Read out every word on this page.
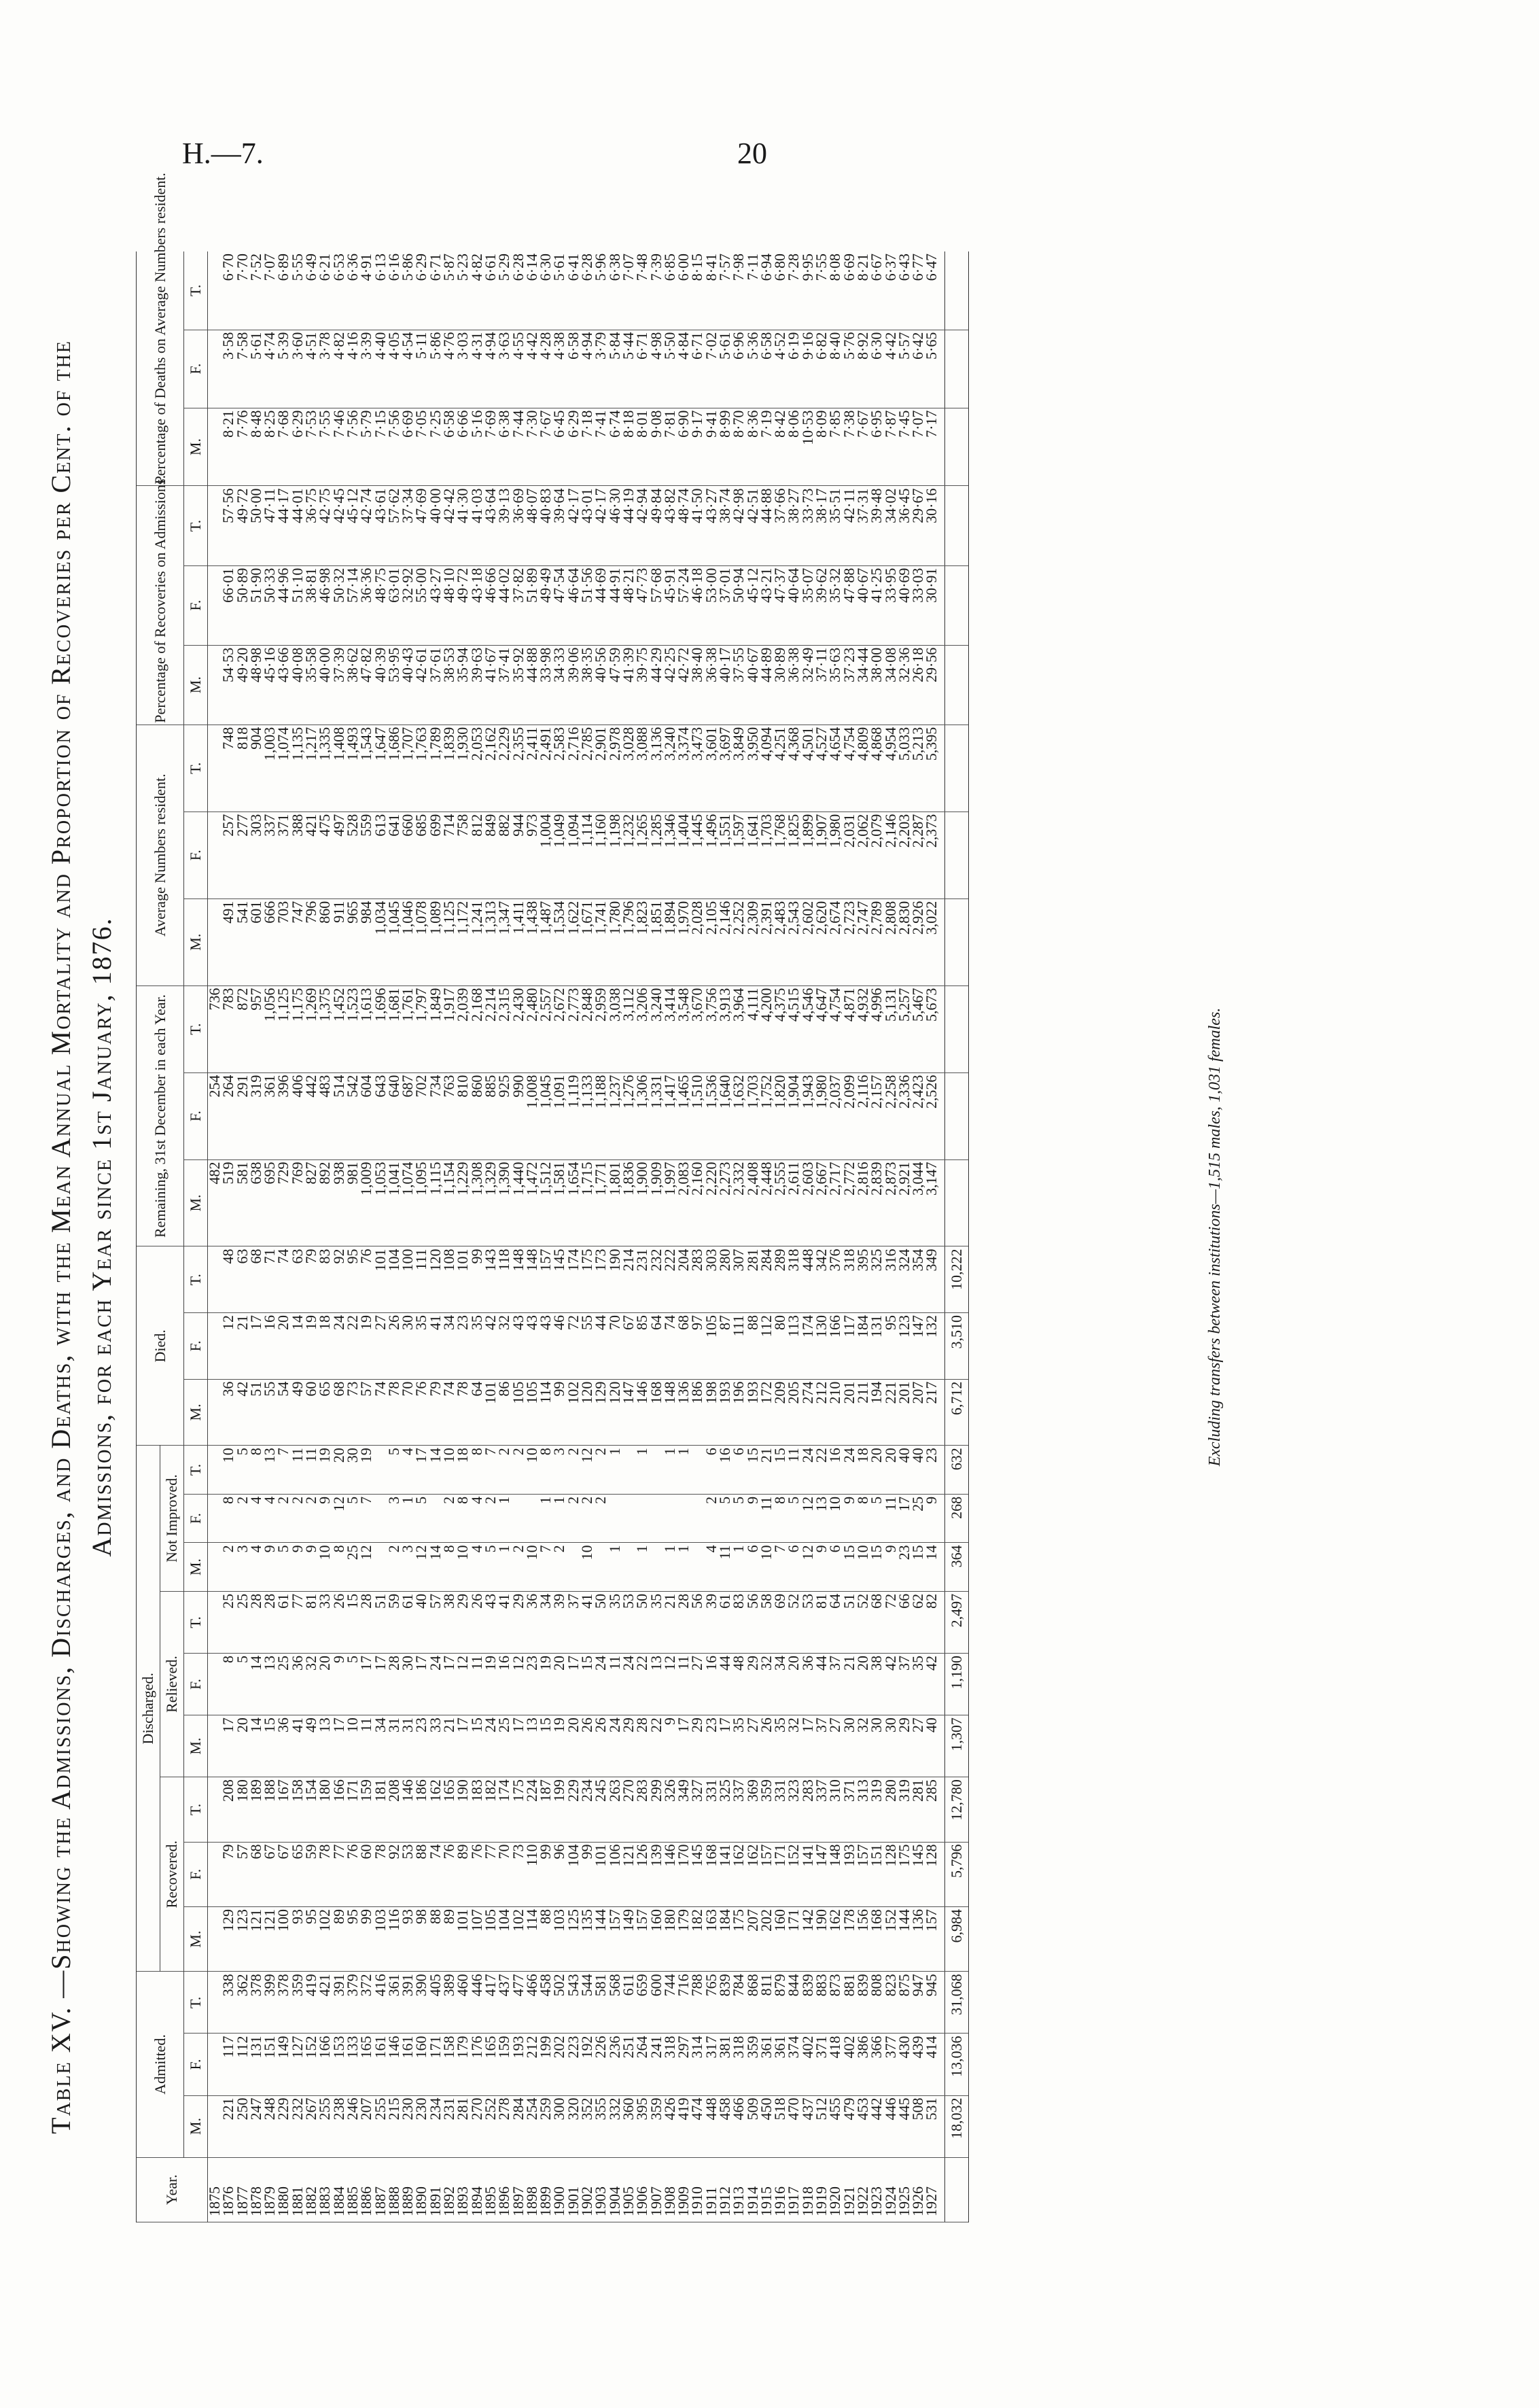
H.—7.	20
Table XV. —Showing the Admissions, Discharges, and Deaths, with the Mean Annual Mortality and Proportion of Recoveries per Cent. of the Admissions, for each Year since 1st January, 1876.
Year.	Admitted.			Discharged.									Died.			Remaining, 31st December in each Year.			Average Numbers resident.			Percentage of Recoveries on Admissions.			Percentage of Deaths on Average Numbers resident.		
				Recovered.			Relieved.			Not Improved.																	
	M.	F.	T.	M.	F.	T.	M.	F.	T.	M.	F.	T.	M.	F.	T.	M.	F.	T.	M.	F.	T.	M.	F.	T.	M.	F.	T.
1875																482	254	736									
1876	221	117	338	129	79	208	17	8	25	2	8	10	36	12	48	519	264	783	491	257	748	54·53	66·01	57·56	8·21	3·58	6·70
1877	250	112	362	123	57	180	20	5	25	3	2	5	42	21	63	581	291	872	541	277	818	49·20	50·89	49·72	7·76	7·58	7·70
1878	247	131	378	121	68	189	14	14	28	4	4	8	51	17	68	638	319	957	601	303	904	48·98	51·90	50·00	8·48	5·61	7·52
1879	248	151	399	121	67	188	15	13	28	9	4	13	55	16	71	695	361	1,056	666	337	1,003	45·16	50·33	47·11	8·25	4·74	7·07
1880	229	149	378	100	67	167	36	25	61	5	2	7	54	20	74	729	396	1,125	703	371	1,074	43·66	44·96	44·17	7·68	5·39	6·89
1881	232	127	359	93	65	158	41	36	77	9	2	11	49	14	63	769	406	1,175	747	388	1,135	40·08	51·10	44·01	6·29	3·60	5·55
1882	267	152	419	95	59	154	49	32	81	9	2	11	60	19	79	827	442	1,269	796	421	1,217	35·58	38·81	36·75	7·53	4·51	6·49
1883	255	166	421	102	78	180	13	20	33	10	9	19	65	18	83	892	483	1,375	860	475	1,335	40·00	46·98	42·75	7·55	3·78	6·21
1884	238	153	391	89	77	166	17	9	26	8	12	20	68	24	92	938	514	1,452	911	497	1,408	37·39	50·32	42·45	7·46	4·82	6·53
1885	246	133	379	95	76	171	10	5	15	25	5	30	73	22	95	981	542	1,523	965	528	1,493	38·62	57·14	45·12	7·56	4·16	6·36
1886	207	165	372	99	60	159	11	17	28	12	7	19	57	19	76	1,009	604	1,613	984	559	1,543	47·82	36·36	42·74	5·79	3·39	4·91
1887	255	161	416	103	78	181	34	17	51				74	27	101	1,053	643	1,696	1,034	613	1,647	40·39	48·75	43·61	7·15	4·40	6·13
1888	215	146	361	116	92	208	31	28	59	2	3	5	78	26	104	1,041	640	1,681	1,045	641	1,686	53·95	63·01	57·62	7·56	4·05	6·16
1889	230	161	391	93	53	146	31	30	61	3	1	4	70	30	100	1,074	687	1,761	1,046	660	1,707	40·43	32·92	37·34	6·69	4·54	5·86
1890	230	160	390	98	88	186	23	17	40	12	5	17	76	35	111	1,095	702	1,797	1,078	685	1,763	42·61	55·00	47·69	7·05	5·11	6·29
1891	234	171	405	88	74	162	33	24	57	14		14	79	41	120	1,115	734	1,849	1,089	699	1,789	37·61	43·27	40·00	7·25	5·86	6·71
1892	231	158	389	89	76	165	21	17	38	8	2	10	74	34	108	1,154	763	1,917	1,125	714	1,839	38·53	48·10	42·42	6·58	4·76	5·87
1893	281	179	460	101	89	190	17	12	29	10	8	18	78	23	101	1,229	810	2,039	1,172	758	1,930	35·94	49·72	41·30	6·66	3·03	5·23
1894	270	176	446	107	76	183	15	11	26	4	4	8	64	35	99	1,308	860	2,168	1,241	812	2,053	39·63	43·18	41·03	5·16	4·31	4·82
1895	252	165	417	105	77	182	24	19	43	5	2	7	101	42	143	1,329	885	2,214	1,313	849	2,162	41·67	46·66	43·64	7·69	4·94	6·61
1896	278	159	437	104	70	174	25	16	41	1	1	2	86	32	118	1,390	925	2,315	1,347	882	2,229	37·41	44·02	39·13	6·38	3·63	5·29
1897	284	193	477	102	73	175	17	12	29	2		2	105	43	148	1,440	990	2,430	1,411	944	2,355	35·92	37·82	36·69	7·44	4·55	6·28
1898	254	212	466	114	110	224	13	23	36	10		10	105	43	148	1,472	1,008	2,480	1,438	973	2,411	44·88	51·89	48·07	7·30	4·42	6·14
1899	259	199	458	88	99	187	15	19	34	7	1	8	114	43	157	1,512	1,045	2,557	1,487	1,004	2,491	33·98	49·49	40·83	7·67	4·28	6·30
1900	300	202	502	103	96	199	19	20	39	2	1	3	99	46	145	1,581	1,091	2,672	1,534	1,049	2,583	34·33	47·54	39·64	6·45	4·38	5·61
1901	320	223	543	125	104	229	20	17	37		2	2	102	72	174	1,654	1,119	2,773	1,622	1,094	2,716	39·06	46·64	42·17	6·29	6·58	6·41
1902	352	192	544	135	99	234	26	15	41	10	2	12	120	55	175	1,715	1,133	2,848	1,671	1,114	2,785	38·35	51·56	43·01	7·18	4·94	6·28
1903	355	226	581	144	101	245	26	24	50		2	2	129	44	173	1,771	1,188	2,959	1,741	1,160	2,901	40·56	44·69	42·17	7·41	3·79	5·96
1904	332	236	568	157	106	263	24	11	35	1		1	120	70	190	1,801	1,237	3,038	1,780	1,198	2,978	47·59	44·91	46·30	6·74	5·84	6·38
1905	360	251	611	149	121	270	29	24	53				147	67	214	1,836	1,276	3,112	1,796	1,232	3,028	41·39	48·21	44·19	8·18	5·44	7·07
1906	395	264	659	157	126	283	28	22	50	1		1	146	85	231	1,900	1,306	3,206	1,823	1,265	3,088	39·75	47·73	42·94	8·01	6·71	7·48
1907	359	241	600	160	139	299	22	13	35				168	64	232	1,909	1,331	3,240	1,851	1,285	3,136	44·29	57·68	49·84	9·08	4·98	7·39
1908	426	318	744	180	146	326	9	12	21	1		1	148	74	222	1,997	1,417	3,414	1,894	1,346	3,240	42·25	45·91	43·82	7·81	5·50	6·85
1909	419	297	716	179	170	349	17	11	28	1		1	136	68	204	2,083	1,465	3,548	1,970	1,404	3,374	42·72	57·24	48·74	6·90	4·84	6·00
1910	474	314	788	182	145	327	29	27	56				186	97	283	2,160	1,510	3,670	2,028	1,445	3,473	38·40	46·18	41·50	9·17	6·71	8·15
1911	448	317	765	163	168	331	23	16	39	4	2	6	198	105	303	2,220	1,536	3,756	2,105	1,496	3,601	36·38	53·00	43·27	9·41	7·02	8·41
1912	458	381	839	184	141	325	17	44	61	11	5	16	193	87	280	2,273	1,640	3,913	2,146	1,551	3,697	40·17	37·01	38·74	8·99	5·61	7·57
1913	466	318	784	175	162	337	35	48	83	1	5	6	196	111	307	2,332	1,632	3,964	2,252	1,597	3,849	37·55	50·94	42·98	8·70	6·96	7·98
1914	509	359	868	207	162	369	27	29	56	6	9	15	193	88	281	2,408	1,703	4,111	2,309	1,641	3,950	40·67	45·12	42·51	8·36	5·36	7·11
1915	450	361	811	202	157	359	26	32	58	10	11	21	172	112	284	2,448	1,752	4,200	2,391	1,703	4,094	44·89	43·21	44·88	7·19	6·58	6·94
1916	518	361	879	160	171	331	35	34	69	7	8	15	209	80	289	2,555	1,820	4,375	2,483	1,768	4,251	30·89	47·37	37·66	8·42	4·52	6·80
1917	470	374	844	171	152	323	32	20	52	6	5	11	205	113	318	2,611	1,904	4,515	2,543	1,825	4,368	36·38	40·64	38·27	8·06	6·19	7·28
1918	437	402	839	142	141	283	17	36	53	12	12	24	274	174	448	2,603	1,943	4,546	2,602	1,899	4,501	32·49	35·07	33·73	10·53	9·16	9·95
1919	512	371	883	190	147	337	37	44	81	9	13	22	212	130	342	2,667	1,980	4,647	2,620	1,907	4,527	37·11	39·62	38·17	8·09	6·82	7·55
1920	455	418	873	162	148	310	27	37	64	6	10	16	210	166	376	2,717	2,037	4,754	2,674	1,980	4,654	35·63	35·32	35·51	7·85	8·40	8·08
1921	479	402	881	178	193	371	30	21	51	15	9	24	201	117	318	2,772	2,099	4,871	2,723	2,031	4,754	37·23	47·88	42·11	7·38	5·76	6·69
1922	453	386	839	156	157	313	32	20	52	10	8	18	211	184	395	2,816	2,116	4,932	2,747	2,062	4,809	34·44	40·67	37·31	7·67	8·92	8·21
1923	442	366	808	168	151	319	30	38	68	15	5	20	194	131	325	2,839	2,157	4,996	2,789	2,079	4,868	38·00	41·25	39·48	6·95	6·30	6·67
1924	446	377	823	152	128	280	30	42	72	9	11	20	221	95	316	2,873	2,258	5,131	2,808	2,146	4,954	34·08	33·95	34·02	7·87	4·42	6·37
1925	445	430	875	144	175	319	29	37	66	23	17	40	201	123	324	2,921	2,336	5,257	2,830	2,203	5,033	32·36	40·69	36·45	7·45	5·57	6·43
1926	508	439	947	136	145	281	27	35	62	15	25	40	207	147	354	3,044	2,423	5,467	2,926	2,287	5,213	26·18	33·03	29·67	7·07	6·42	6·77
1927	531	414	945	157	128	285	40	42	82	14	9	23	217	132	349	3,147	2,526	5,673	3,022	2,373	5,395	29·56	30·91	30·16	7·17	5·65	6·47
	18,032	13,036	31,068	6,984	5,796	12,780	1,307	1,190	2,497	364	268	632	6,712	3,510	10,222													Excluding transfers between institutions—1,515 males, 1,031 females.
